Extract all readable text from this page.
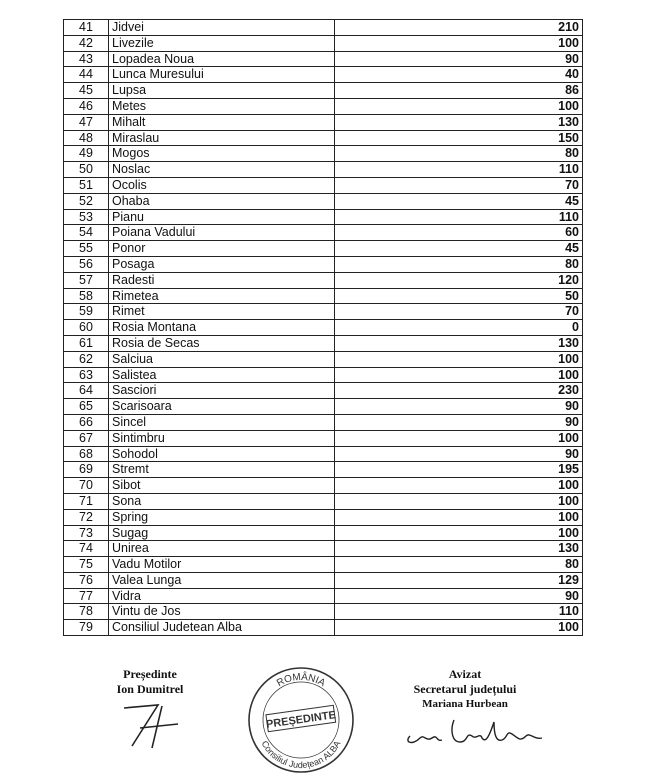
41	Jidvei	210
42	Livezile	100
43	Lopadea Noua	90
44	Lunca Muresului	40
45	Lupsa	86
46	Metes	100
47	Mihalt	130
48	Miraslau	150
49	Mogos	80
50	Noslac	110
51	Ocolis	70
52	Ohaba	45
53	Pianu	110
54	Poiana Vadului	60
55	Ponor	45
56	Posaga	80
57	Radesti	120
58	Rimetea	50
59	Rimet	70
60	Rosia Montana	0
61	Rosia de Secas	130
62	Salciua	100
63	Salistea	100
64	Sasciori	230
65	Scarisoara	90
66	Sincel	90
67	Sintimbru	100
68	Sohodol	90
69	Stremt	195
70	Sibot	100
71	Sona	100
72	Spring	100
73	Sugag	100
74	Unirea	130
75	Vadu Motilor	80
76	Valea Lunga	129
77	Vidra	90
78	Vintu de Jos	110
79	Consiliul Judetean Alba	100
Președinte
Ion Dumitrel	ROMÂNIA
Consiliul Județean ALBA
PREȘEDINTE
Avizat
Secretarul județului
Mariana Hurbean
